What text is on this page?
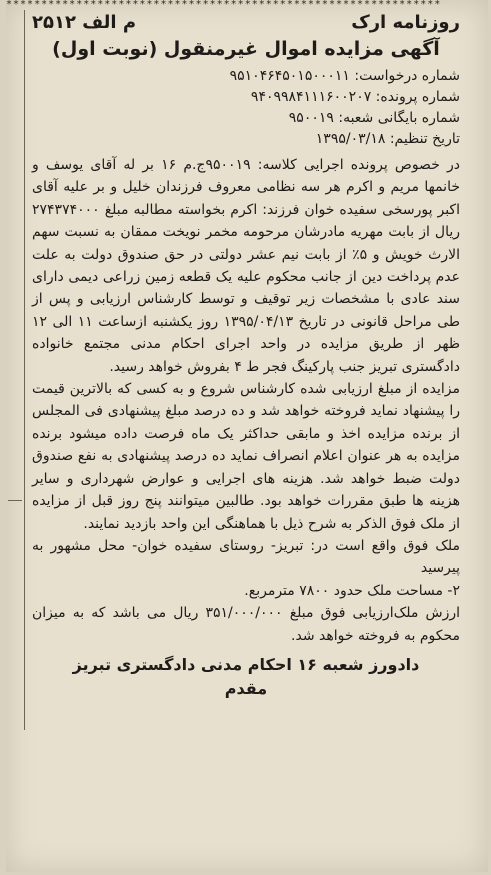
**************************************************************
م الف ۲۵۱۲	روزنامه ارک
آگهی مزایده اموال غیرمنقول (نوبت اول)
شماره درخواست: ۹۵۱۰۴۶۴۵۰۱۵۰۰۰۱۱
شماره پرونده: ۹۴۰۹۹۸۴۱۱۱۶۰۰۲۰۷
شماره بایگانی شعبه: ۹۵۰۰۱۹
تاریخ تنظیم: ۱۳۹۵/۰۳/۱۸

در خصوص پرونده اجرایی کلاسه: ۹۵۰۰۱۹ج.م ۱۶ بر له آقای یوسف و خانمها مریم و اکرم هر سه نظامی معروف فرزندان خلیل و بر علیه آقای اکبر پورسخی سفیده خوان فرزند: اکرم بخواسته مطالبه مبلغ ۲۷۴۳۷۴۰۰۰ ریال از بابت مهریه مادرشان مرحومه مخمر نویخت ممقان به نسبت سهم الارث خویش و ۵٪ از بابت نیم عشر دولتی در حق صندوق دولت به علت عدم پرداخت دین از جانب محکوم علیه یک قطعه زمین زراعی دیمی دارای سند عادی با مشخصات زیر توقیف و توسط کارشناس ارزیابی و پس از طی مراحل قانونی در تاریخ ۱۳۹۵/۰۴/۱۳ روز یکشنبه ازساعت ۱۱ الی ۱۲ ظهر از طریق مزایده در واحد اجرای احکام مدنی مجتمع خانواده دادگستری تبریز جنب پارکینگ فجر ط ۴ بفروش خواهد رسید.

مزایده از مبلغ ارزیابی شده کارشناس شروع و به کسی که بالاترین قیمت را پیشنهاد نماید فروخته خواهد شد و ده درصد مبلغ پیشنهادی فی المجلس از برنده مزایده اخذ و مابقی حداکثر یک ماه فرصت داده میشود برنده مزایده به هر عنوان اعلام انصراف نماید ده درصد پیشنهادی به نفع صندوق دولت ضبط خواهد شد. هزینه های اجرایی و عوارض شهرداری و سایر هزینه ها طبق مقررات خواهد بود. طالبین میتوانند پنج روز قبل از مزایده از ملک فوق الذکر به شرح ذیل با هماهنگی این واحد بازدید نمایند.

ملک فوق واقع است در: تبریز- روستای سفیده خوان- محل مشهور به پیرسید

۲- مساحت ملک حدود ۷۸۰۰ مترمربع.

ارزش ملک‌ارزیابی فوق مبلغ ۳۵۱/۰۰۰/۰۰۰ ریال می باشد که به میزان محکوم به فروخته خواهد شد.

دادورز شعبه ۱۶ احکام مدنی دادگستری تبریز
مقدم
